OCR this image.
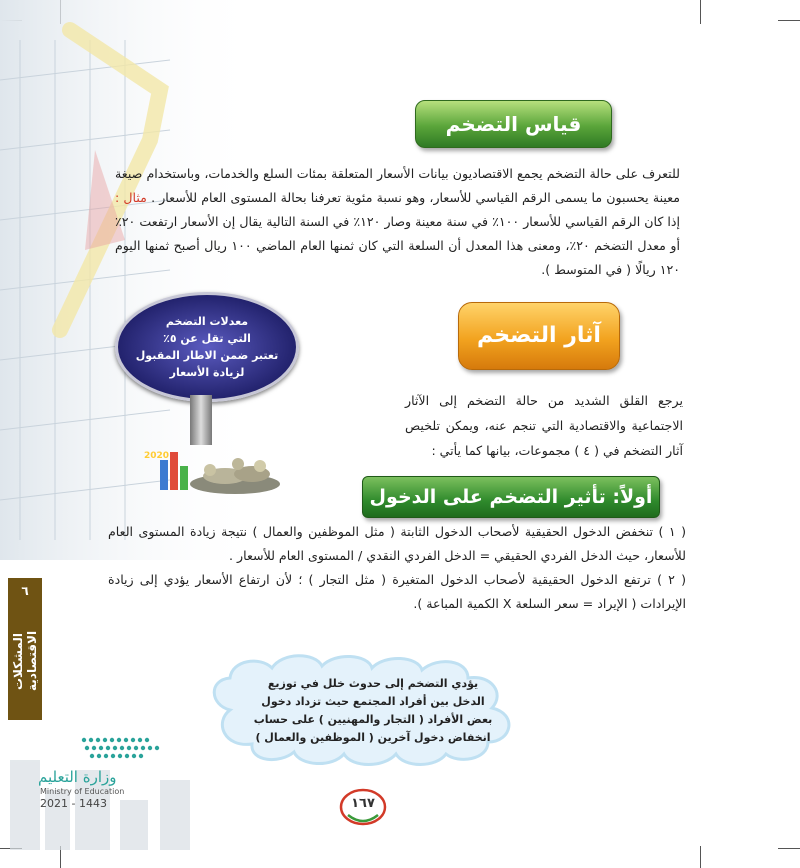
قياس التضخم
للتعرف على حالة التضخم يجمع الاقتصاديون بيانات الأسعار المتعلقة بمئات السلع والخدمات، وباستخدام صيغة معينة يحسبون ما يسمى الرقم القياسي للأسعار، وهو نسبة مئوية تعرفنا بحالة المستوى العام للأسعار . مثال : إذا كان الرقم القياسي للأسعار ١٠٠٪ في سنة معينة وصار ١٢٠٪ في السنة التالية يقال إن الأسعار ارتفعت ٢٠٪ أو معدل التضخم ٢٠٪، ومعنى هذا المعدل أن السلعة التي كان ثمنها العام الماضي ١٠٠ ريال أصبح ثمنها اليوم ١٢٠ ريالًا ( في المتوسط ).
معدلات التضخم
التي تقل عن ٥٪
تعتبر ضمن الاطار المقبول
لزيادة الأسعار
2020
آثار التضخم
يرجع القلق الشديد من حالة التضخم إلى الآثار الاجتماعية والاقتصادية التي تنجم عنه، ويمكن تلخيص آثار التضخم في ( ٤ ) مجموعات، بيانها كما يأتي :
أولاً: تأثير التضخم على الدخول
( ١ ) تنخفض الدخول الحقيقية لأصحاب الدخول الثابتة ( مثل الموظفين والعمال ) نتيجة زيادة المستوى العام للأسعار، حيث الدخل الفردي الحقيقي = الدخل الفردي النقدي / المستوى العام للأسعار .
( ٢ ) ترتفع الدخول الحقيقية لأصحاب الدخول المتغيرة ( مثل التجار ) ؛ لأن ارتفاع الأسعار يؤدي إلى زيادة الإيرادات ( الإيراد = سعر السلعة X الكمية المباعة ).
يؤدي التضخم إلى حدوث خلل في توزيع
الدخل بين أفراد المجتمع حيث تزداد دخول
بعض الأفراد ( التجار والمهنيين ) على حساب
انخفاض دخول آخرين ( الموظفين والعمال )
٦
المشكلات الاقتصادية
وزارة التعليم
Ministry of Education
2021 - 1443	١٦٧
